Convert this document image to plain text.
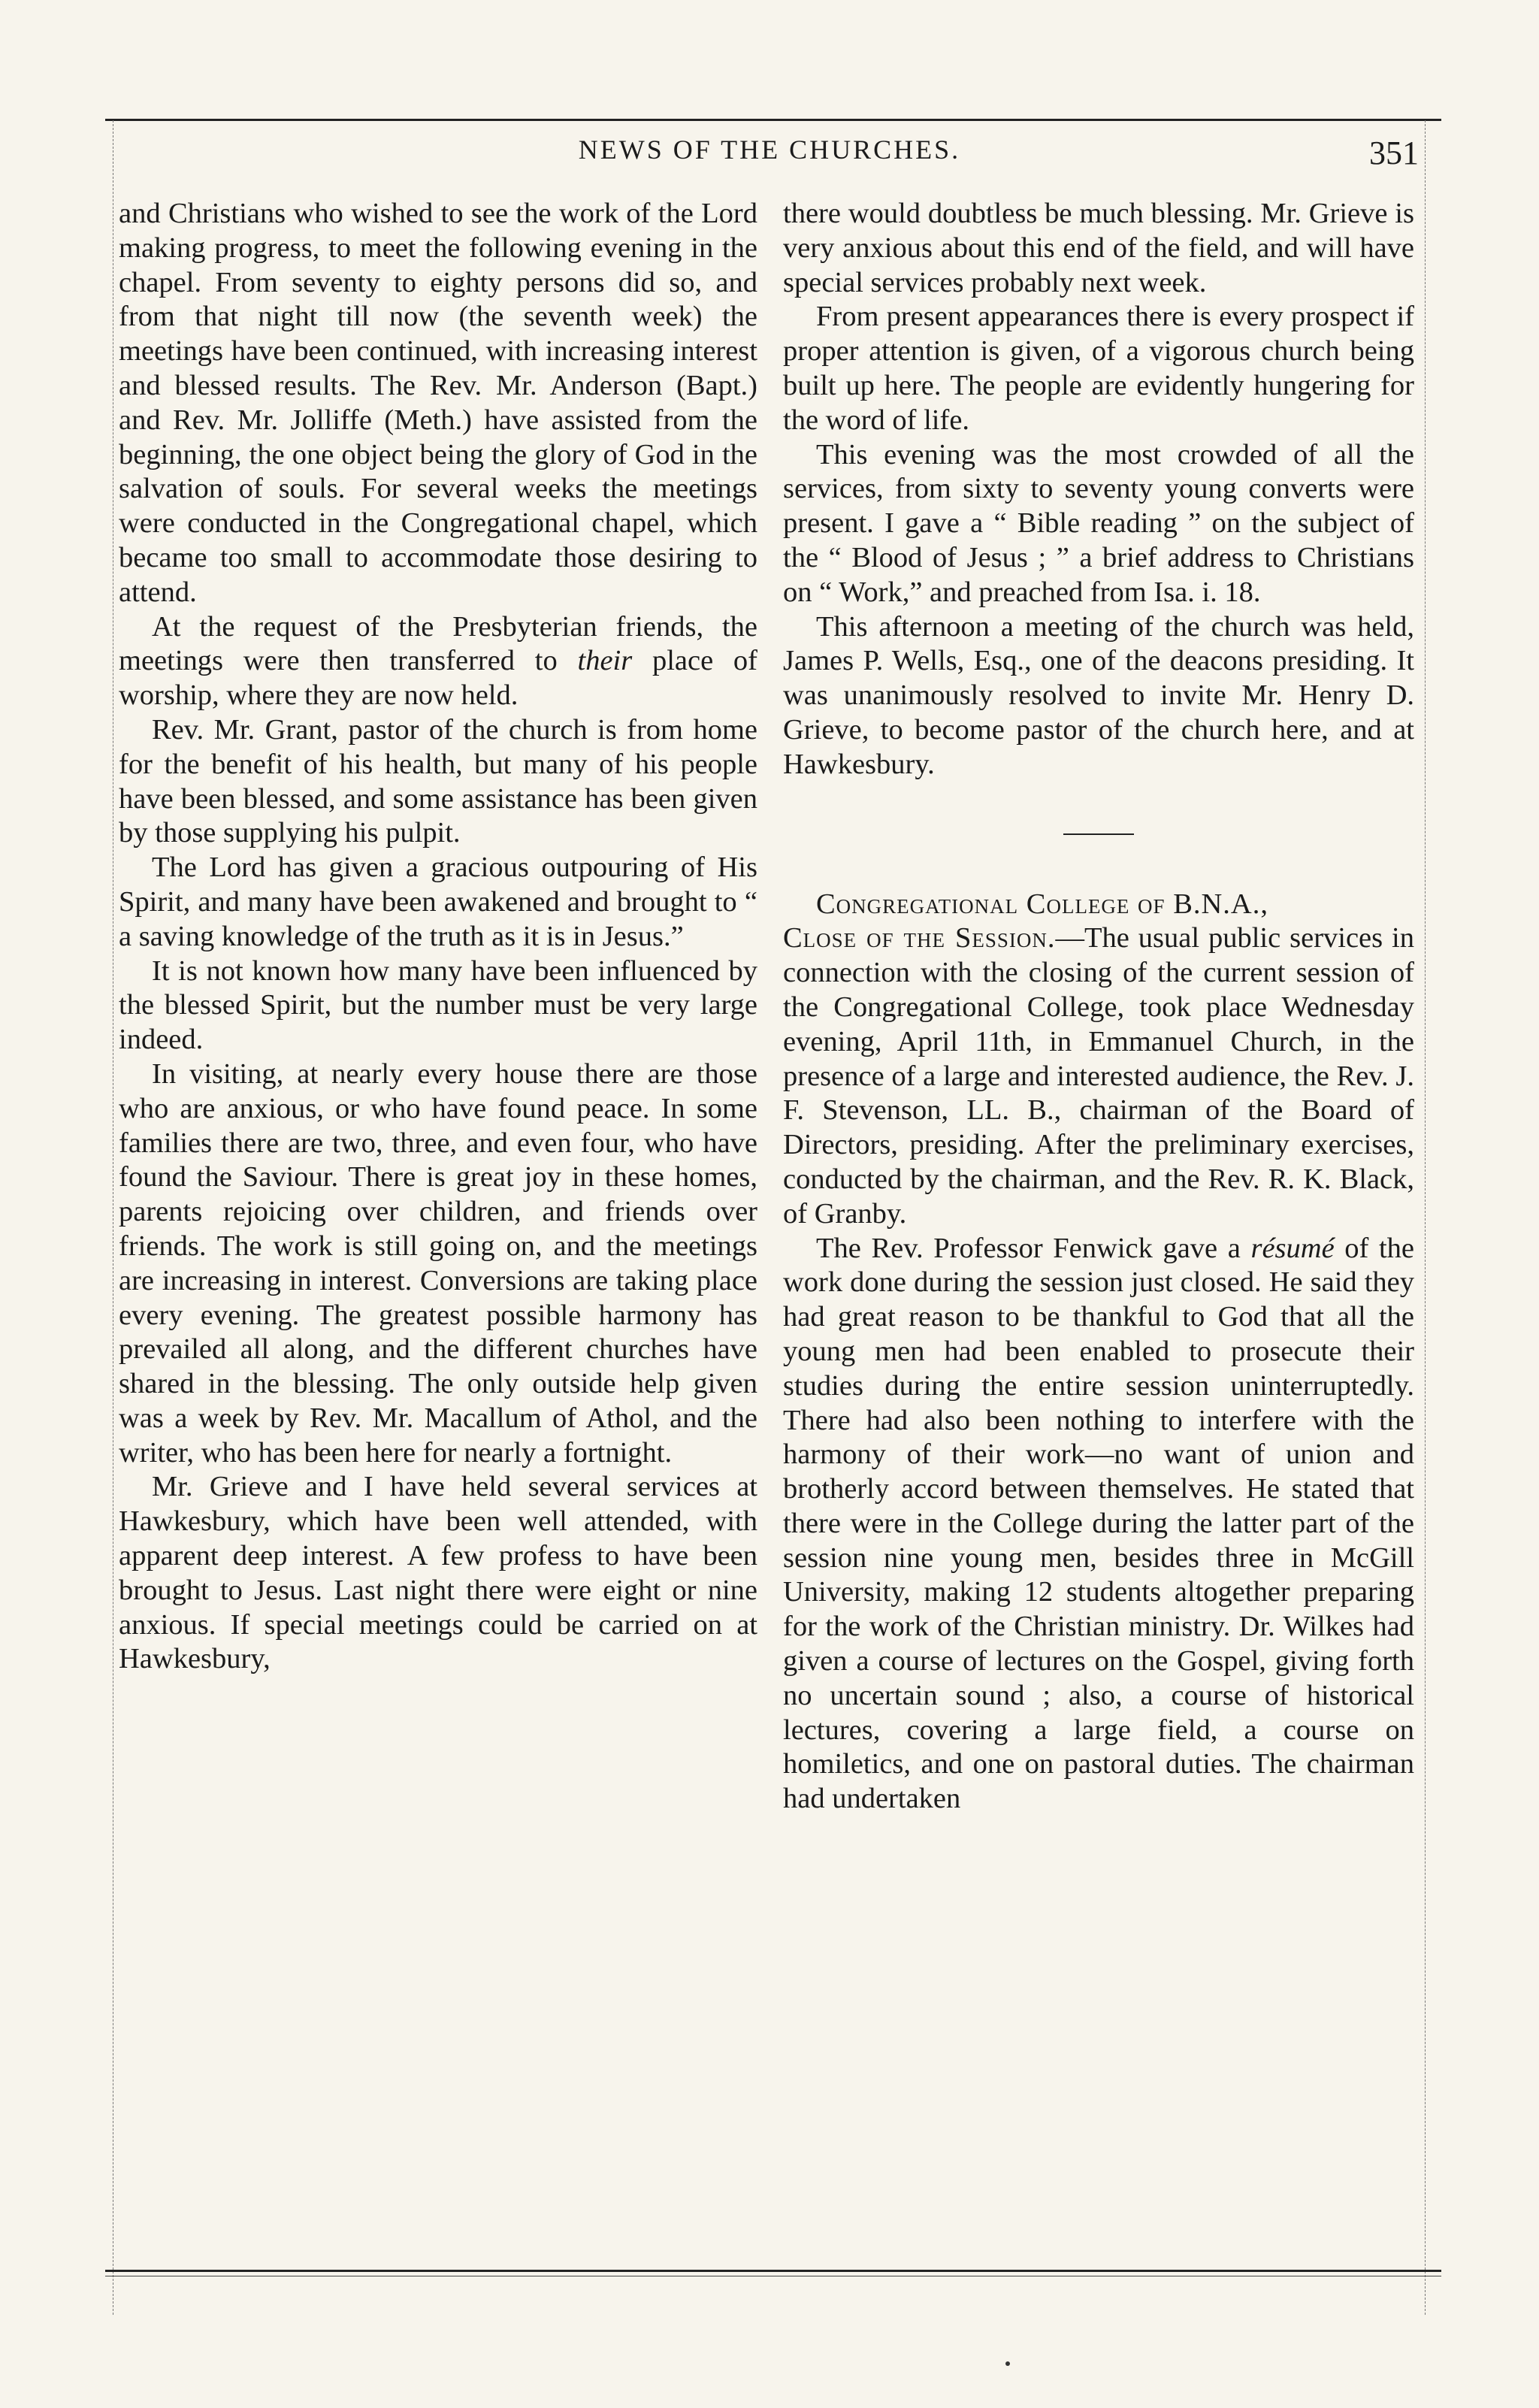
NEWS OF THE CHURCHES.	351

and Christians who wished to see the work of the Lord making progress, to meet the following evening in the chapel. From seventy to eighty persons did so, and from that night till now (the seventh week) the meetings have been continued, with increasing interest and blessed results. The Rev. Mr. Anderson (Bapt.) and Rev. Mr. Jolliffe (Meth.) have assisted from the beginning, the one object being the glory of God in the salvation of souls. For several weeks the meetings were conducted in the Congregational chapel, which became too small to accommodate those desiring to attend.

At the request of the Presbyterian friends, the meetings were then transferred to their place of worship, where they are now held.

Rev. Mr. Grant, pastor of the church is from home for the benefit of his health, but many of his people have been blessed, and some assistance has been given by those supplying his pulpit.

The Lord has given a gracious outpouring of His Spirit, and many have been awakened and brought to “ a saving knowledge of the truth as it is in Jesus.”

It is not known how many have been influenced by the blessed Spirit, but the number must be very large indeed.

In visiting, at nearly every house there are those who are anxious, or who have found peace. In some families there are two, three, and even four, who have found the Saviour. There is great joy in these homes, parents rejoicing over children, and friends over friends. The work is still going on, and the meetings are increasing in interest. Conversions are taking place every evening. The greatest possible harmony has prevailed all along, and the different churches have shared in the blessing. The only outside help given was a week by Rev. Mr. Macallum of Athol, and the writer, who has been here for nearly a fortnight.

Mr. Grieve and I have held several services at Hawkesbury, which have been well attended, with apparent deep interest. A few profess to have been brought to Jesus. Last night there were eight or nine anxious. If special meetings could be carried on at Hawkesbury,

there would doubtless be much blessing. Mr. Grieve is very anxious about this end of the field, and will have special services probably next week.

From present appearances there is every prospect if proper attention is given, of a vigorous church being built up here. The people are evidently hungering for the word of life.

This evening was the most crowded of all the services, from sixty to seventy young converts were present. I gave a “ Bible reading ” on the subject of the “ Blood of Jesus ; ” a brief address to Christians on “ Work,” and preached from Isa. i. 18.

This afternoon a meeting of the church was held, James P. Wells, Esq., one of the deacons presiding. It was unanimously resolved to invite Mr. Henry D. Grieve, to become pastor of the church here, and at Hawkesbury.

Congregational College of B.N.A.,
Close of the Session.—The usual public services in connection with the closing of the current session of the Congregational College, took place Wednesday evening, April 11th, in Emmanuel Church, in the presence of a large and interested audience, the Rev. J. F. Stevenson, LL. B., chairman of the Board of Directors, presiding. After the preliminary exercises, conducted by the chairman, and the Rev. R. K. Black, of Granby.

The Rev. Professor Fenwick gave a résumé of the work done during the session just closed. He said they had great reason to be thankful to God that all the young men had been enabled to prosecute their studies during the entire session uninterruptedly. There had also been nothing to interfere with the harmony of their work—no want of union and brotherly accord between themselves. He stated that there were in the College during the latter part of the session nine young men, besides three in McGill University, making 12 students altogether preparing for the work of the Christian ministry. Dr. Wilkes had given a course of lectures on the Gospel, giving forth no uncertain sound ; also, a course of historical lectures, covering a large field, a course on homiletics, and one on pastoral duties. The chairman had undertaken
